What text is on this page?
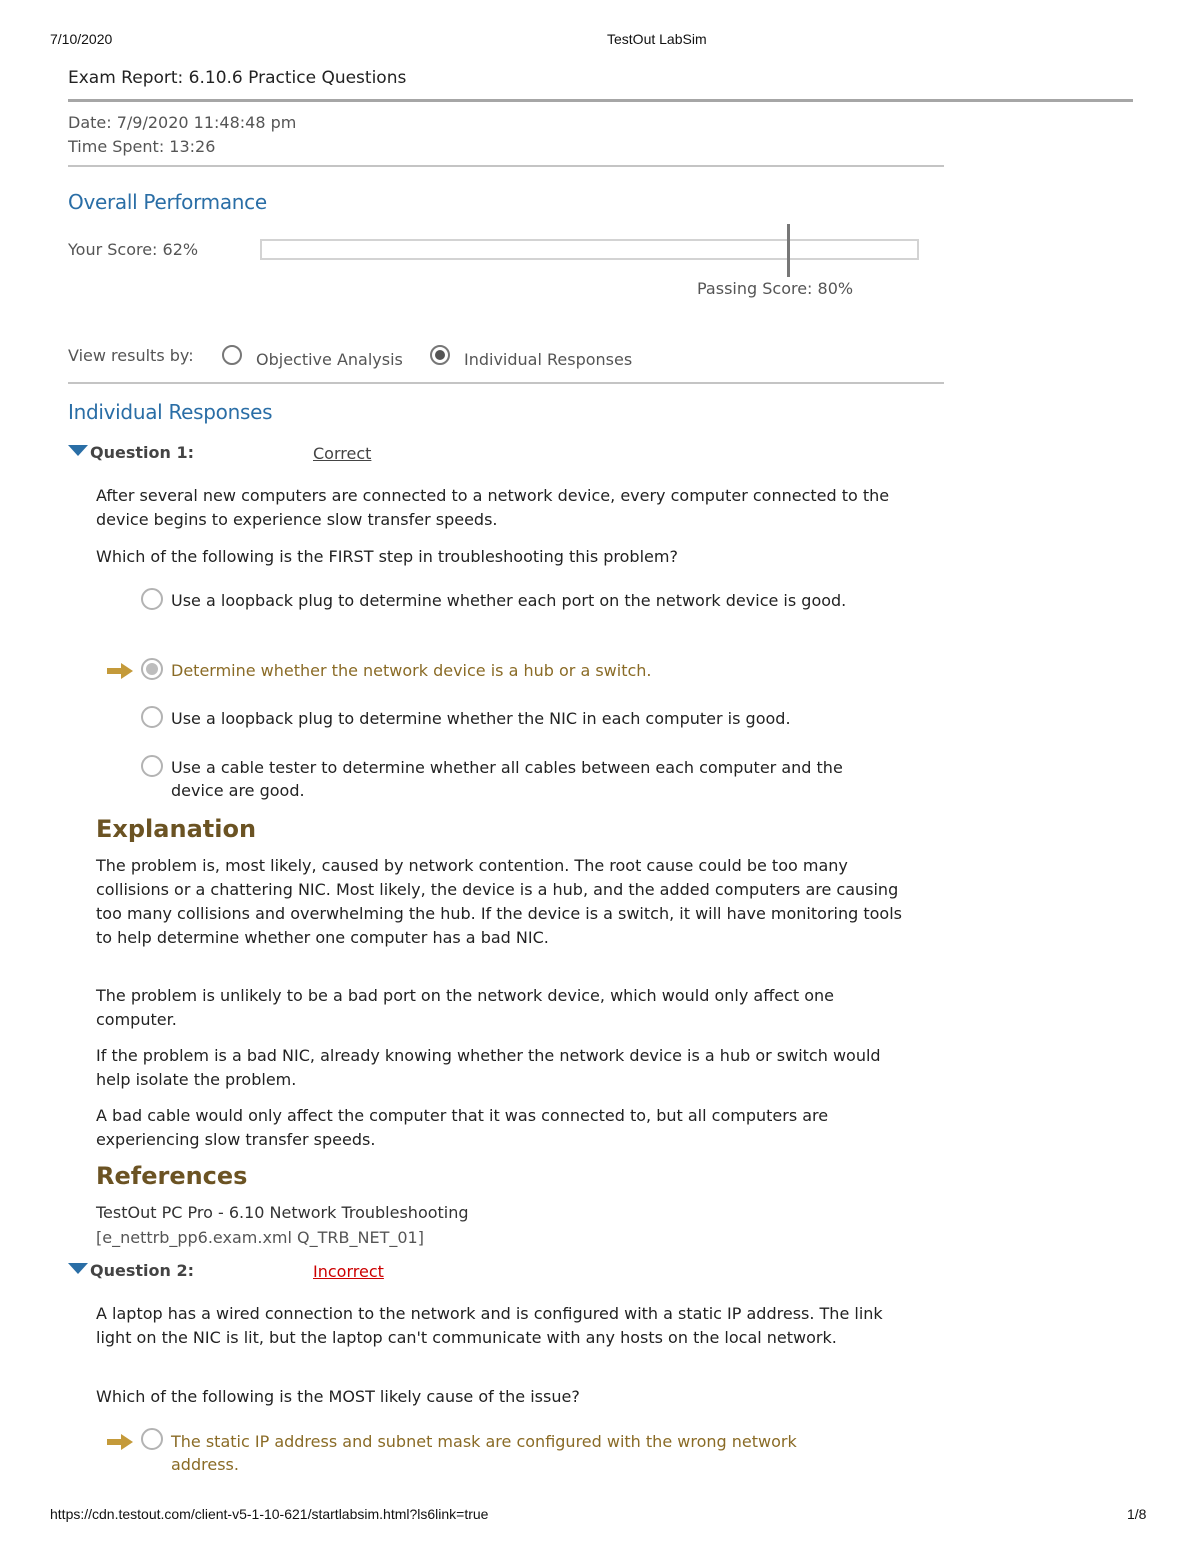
7/10/2020	TestOut LabSim
Exam Report: 6.10.6 Practice Questions
Date: 7/9/2020 11:48:48 pm
Time Spent: 13:26
Overall Performance
Your Score: 62%
Passing Score: 80%
View results by:	Objective Analysis	Individual Responses
Individual Responses
Question 1:	Correct
After several new computers are connected to a network device, every computer connected to the device begins to experience slow transfer speeds.
Which of the following is the FIRST step in troubleshooting this problem?
Use a loopback plug to determine whether each port on the network device is good.
Determine whether the network device is a hub or a switch.
Use a loopback plug to determine whether the NIC in each computer is good.
Use a cable tester to determine whether all cables between each computer and the device are good.
Explanation
The problem is, most likely, caused by network contention. The root cause could be too many collisions or a chattering NIC. Most likely, the device is a hub, and the added computers are causing too many collisions and overwhelming the hub. If the device is a switch, it will have monitoring tools to help determine whether one computer has a bad NIC.
The problem is unlikely to be a bad port on the network device, which would only affect one computer.
If the problem is a bad NIC, already knowing whether the network device is a hub or switch would help isolate the problem.
A bad cable would only affect the computer that it was connected to, but all computers are experiencing slow transfer speeds.
References
TestOut PC Pro - 6.10 Network Troubleshooting
[e_nettrb_pp6.exam.xml Q_TRB_NET_01]
Question 2:	Incorrect
A laptop has a wired connection to the network and is configured with a static IP address. The link light on the NIC is lit, but the laptop can't communicate with any hosts on the local network.
Which of the following is the MOST likely cause of the issue?
The static IP address and subnet mask are configured with the wrong network address.
https://cdn.testout.com/client-v5-1-10-621/startlabsim.html?ls6link=true	1/8
